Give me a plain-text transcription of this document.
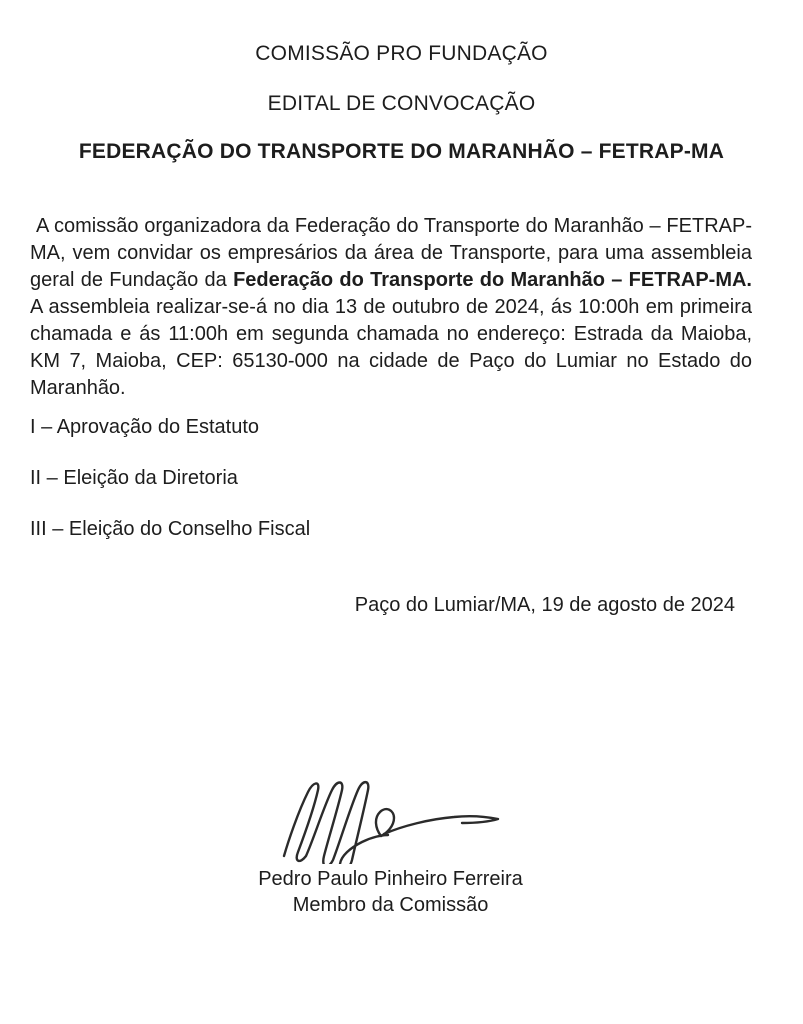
COMISSÃO PRO FUNDAÇÃO
EDITAL DE CONVOCAÇÃO
FEDERAÇÃO DO TRANSPORTE DO MARANHÃO – FETRAP-MA
A comissão organizadora da Federação do Transporte do Maranhão – FETRAP-
MA, vem convidar os empresários da área de Transporte, para uma assembleia
geral de Fundação da Federação do Transporte do Maranhão – FETRAP-MA.
A assembleia realizar-se-á no dia 13 de outubro de 2024, ás 10:00h em primeira
chamada e ás 11:00h em segunda chamada no endereço: Estrada da Maioba,
KM 7, Maioba, CEP: 65130-000 na cidade de Paço do Lumiar no Estado do
Maranhão.
I – Aprovação do Estatuto
II – Eleição da Diretoria
III – Eleição do Conselho Fiscal
Paço do Lumiar/MA, 19 de agosto de 2024
Pedro Paulo Pinheiro Ferreira
Membro da Comissão
